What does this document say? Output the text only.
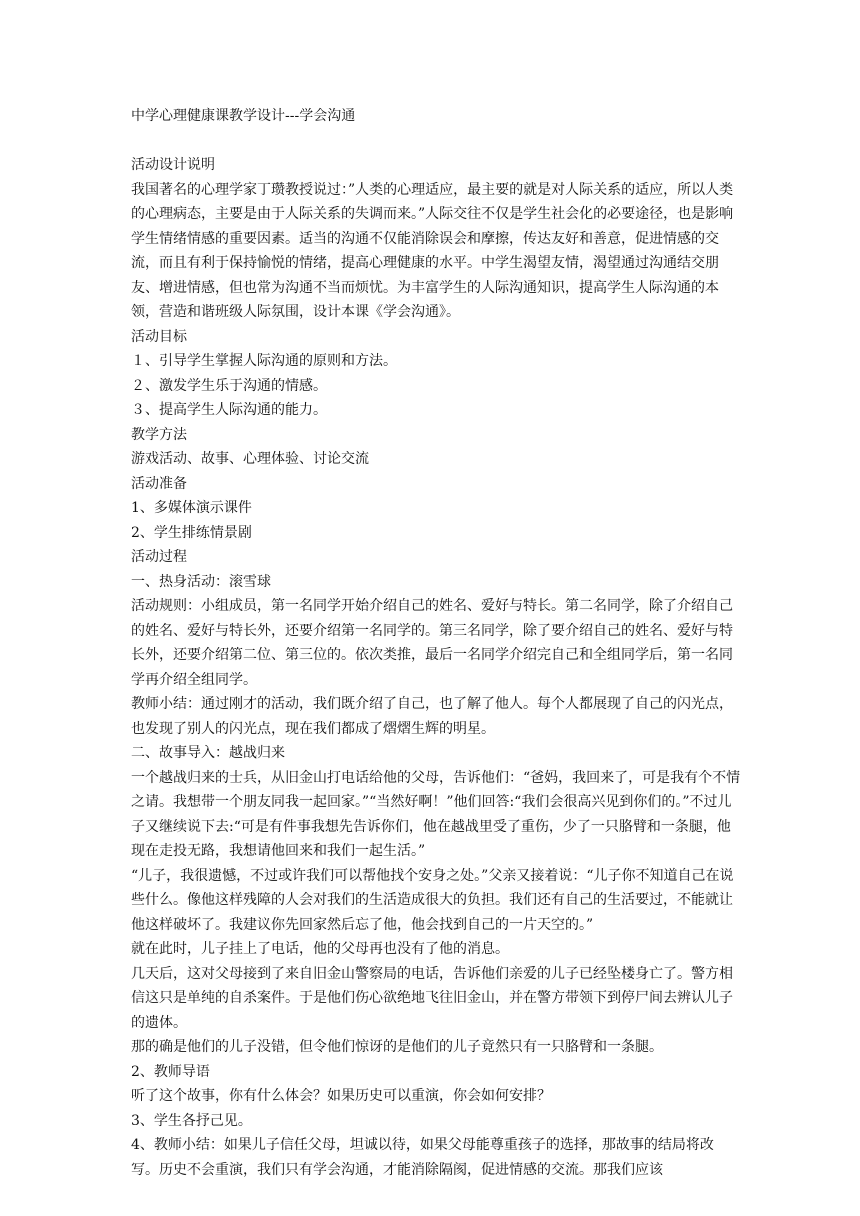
中学心理健康课教学设计---学会沟通
活动设计说明
我国著名的心理学家丁瓒教授说过：”人类的心理适应，最主要的就是对人际关系的适应，所以人类的心理病态，主要是由于人际关系的失调而来。”人际交往不仅是学生社会化的必要途径，也是影响学生情绪情感的重要因素。适当的沟通不仅能消除误会和摩擦，传达友好和善意，促进情感的交流，而且有利于保持愉悦的情绪，提高心理健康的水平。中学生渴望友情，渴望通过沟通结交朋友、增进情感，但也常为沟通不当而烦忧。为丰富学生的人际沟通知识，提高学生人际沟通的本领，营造和谐班级人际氛围，设计本课《学会沟通》。
活动目标
１、引导学生掌握人际沟通的原则和方法。
２、激发学生乐于沟通的情感。
３、提高学生人际沟通的能力。
教学方法
游戏活动、故事、心理体验、讨论交流
活动准备
1、多媒体演示课件
2、学生排练情景剧
活动过程
一、热身活动：滚雪球
活动规则：小组成员，第一名同学开始介绍自己的姓名、爱好与特长。第二名同学，除了介绍自己的姓名、爱好与特长外，还要介绍第一名同学的。第三名同学，除了要介绍自己的姓名、爱好与特长外，还要介绍第二位、第三位的。依次类推，最后一名同学介绍完自己和全组同学后，第一名同学再介绍全组同学。
教师小结：通过刚才的活动，我们既介绍了自己，也了解了他人。每个人都展现了自己的闪光点，也发现了别人的闪光点，现在我们都成了熠熠生辉的明星。
二、故事导入：越战归来
一个越战归来的士兵，从旧金山打电话给他的父母，告诉他们：“爸妈，我回来了，可是我有个不情之请。我想带一个朋友同我一起回家。”“当然好啊！”他们回答:“我们会很高兴见到你们的。”不过儿子又继续说下去:“可是有件事我想先告诉你们，他在越战里受了重伤，少了一只胳臂和一条腿，他现在走投无路，我想请他回来和我们一起生活。”
“儿子，我很遗憾，不过或许我们可以帮他找个安身之处。”父亲又接着说：“儿子你不知道自己在说些什么。像他这样残障的人会对我们的生活造成很大的负担。我们还有自己的生活要过，不能就让他这样破坏了。我建议你先回家然后忘了他，他会找到自己的一片天空的。”
就在此时，儿子挂上了电话，他的父母再也没有了他的消息。
几天后，这对父母接到了来自旧金山警察局的电话，告诉他们亲爱的儿子已经坠楼身亡了。警方相信这只是单纯的自杀案件。于是他们伤心欲绝地飞往旧金山，并在警方带领下到停尸间去辨认儿子的遗体。
那的确是他们的儿子没错，但令他们惊讶的是他们的儿子竟然只有一只胳臂和一条腿。
2、教师导语
听了这个故事，你有什么体会？如果历史可以重演，你会如何安排？
3、学生各抒己见。
4、教师小结：如果儿子信任父母，坦诚以待，如果父母能尊重孩子的选择，那故事的结局将改写。历史不会重演，我们只有学会沟通，才能消除隔阂，促进情感的交流。那我们应该
